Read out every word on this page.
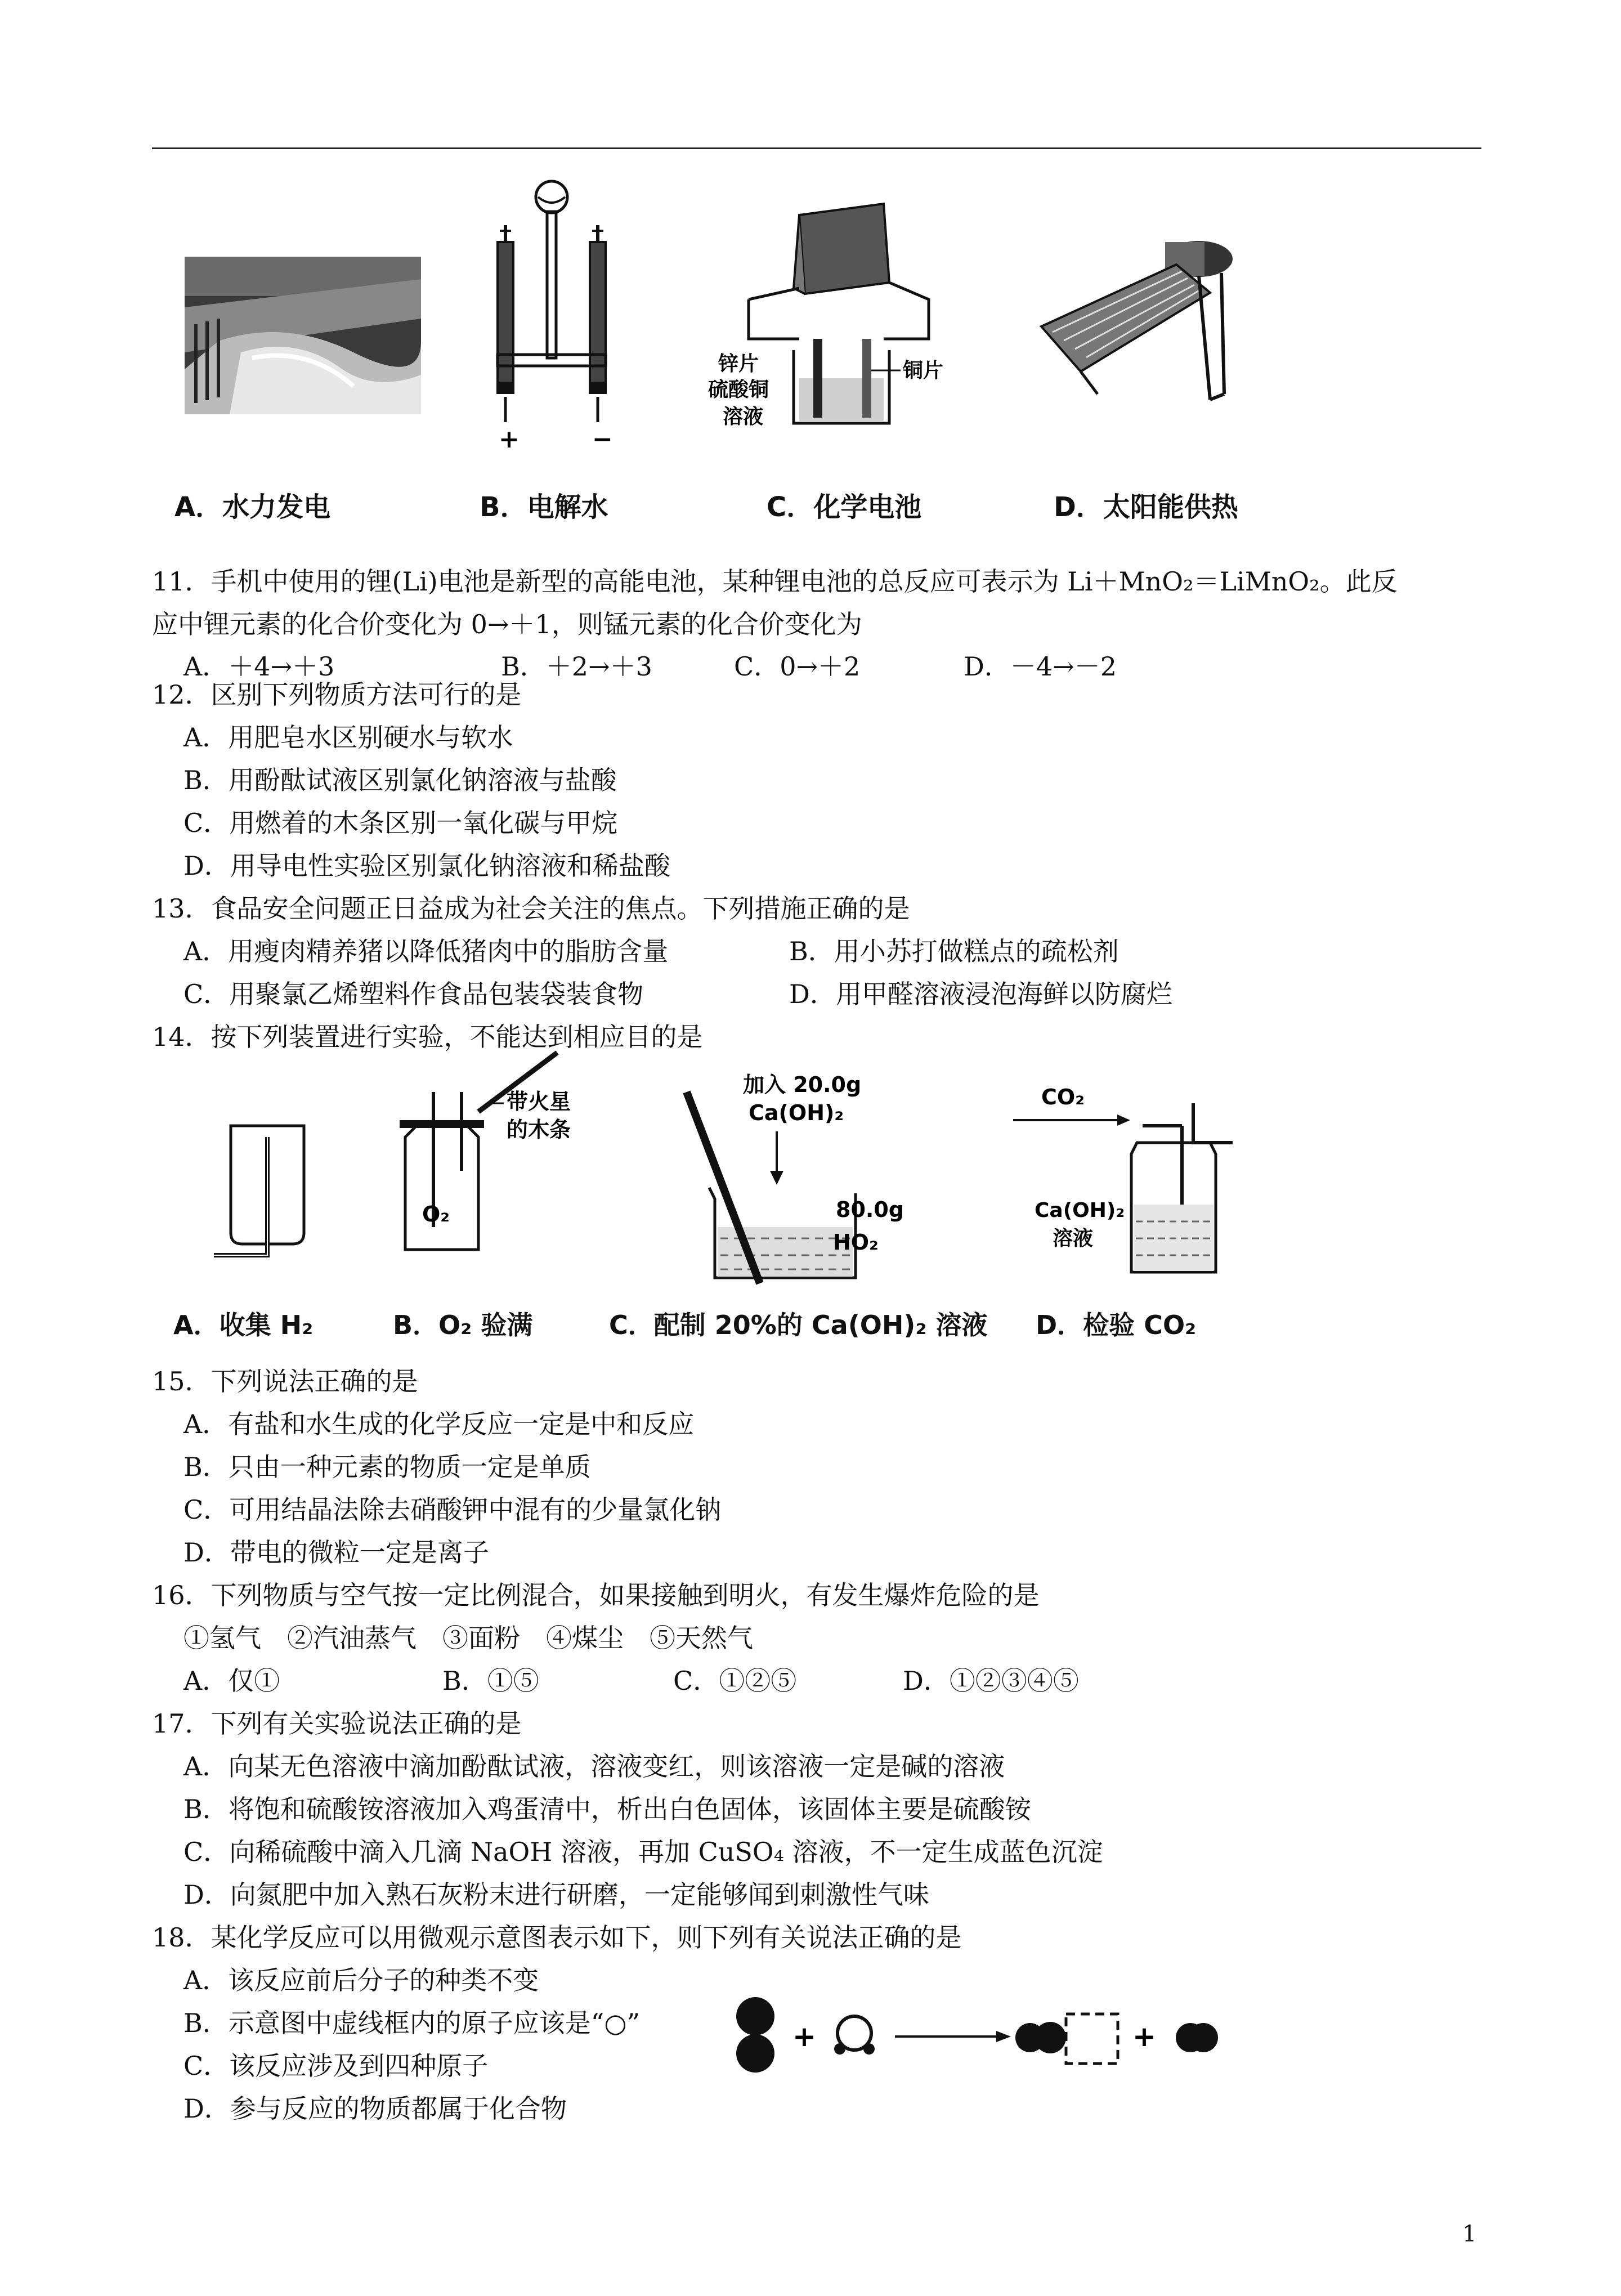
+	−
锌片
硫酸铜
溶液
铜片
A．水力发电	B．电解水	C．化学电池	D．太阳能供热
11．手机中使用的锂(Li)电池是新型的高能电池，某种锂电池的总反应可表示为 Li＋MnO₂＝LiMnO₂。此反
应中锂元素的化合价变化为 0→＋1，则锰元素的化合价变化为
A．＋4→＋3	B．＋2→＋3	C．0→＋2	D．－4→－2
12．区别下列物质方法可行的是
A．用肥皂水区别硬水与软水
B．用酚酞试液区别氯化钠溶液与盐酸
C．用燃着的木条区别一氧化碳与甲烷
D．用导电性实验区别氯化钠溶液和稀盐酸
13．食品安全问题正日益成为社会关注的焦点。下列措施正确的是
A．用瘦肉精养猪以降低猪肉中的脂肪含量	B．用小苏打做糕点的疏松剂
C．用聚氯乙烯塑料作食品包装袋装食物	D．用甲醛溶液浸泡海鲜以防腐烂
14．按下列装置进行实验，不能达到相应目的是
O₂
带火星
的木条
加入 20.0g
Ca(OH)₂
80.0g
HO₂
CO₂
Ca(OH)₂
溶液
A．收集 H₂	B．O₂ 验满	C．配制 20%的 Ca(OH)₂ 溶液 D．检验 CO₂
15．下列说法正确的是
A．有盐和水生成的化学反应一定是中和反应
B．只由一种元素的物质一定是单质
C．可用结晶法除去硝酸钾中混有的少量氯化钠
D．带电的微粒一定是离子
16．下列物质与空气按一定比例混合，如果接触到明火，有发生爆炸危险的是
①氢气　②汽油蒸气　③面粉　④煤尘　⑤天然气
A．仅①	B．①⑤	C．①②⑤	D．①②③④⑤
17．下列有关实验说法正确的是
A．向某无色溶液中滴加酚酞试液，溶液变红，则该溶液一定是碱的溶液
B．将饱和硫酸铵溶液加入鸡蛋清中，析出白色固体，该固体主要是硫酸铵
C．向稀硫酸中滴入几滴 NaOH 溶液，再加 CuSO₄ 溶液，不一定生成蓝色沉淀
D．向氮肥中加入熟石灰粉末进行研磨，一定能够闻到刺激性气味
18．某化学反应可以用微观示意图表示如下，则下列有关说法正确的是
A．该反应前后分子的种类不变
B．示意图中虚线框内的原子应该是“○”
C．该反应涉及到四种原子
D．参与反应的物质都属于化合物
+	+
1
